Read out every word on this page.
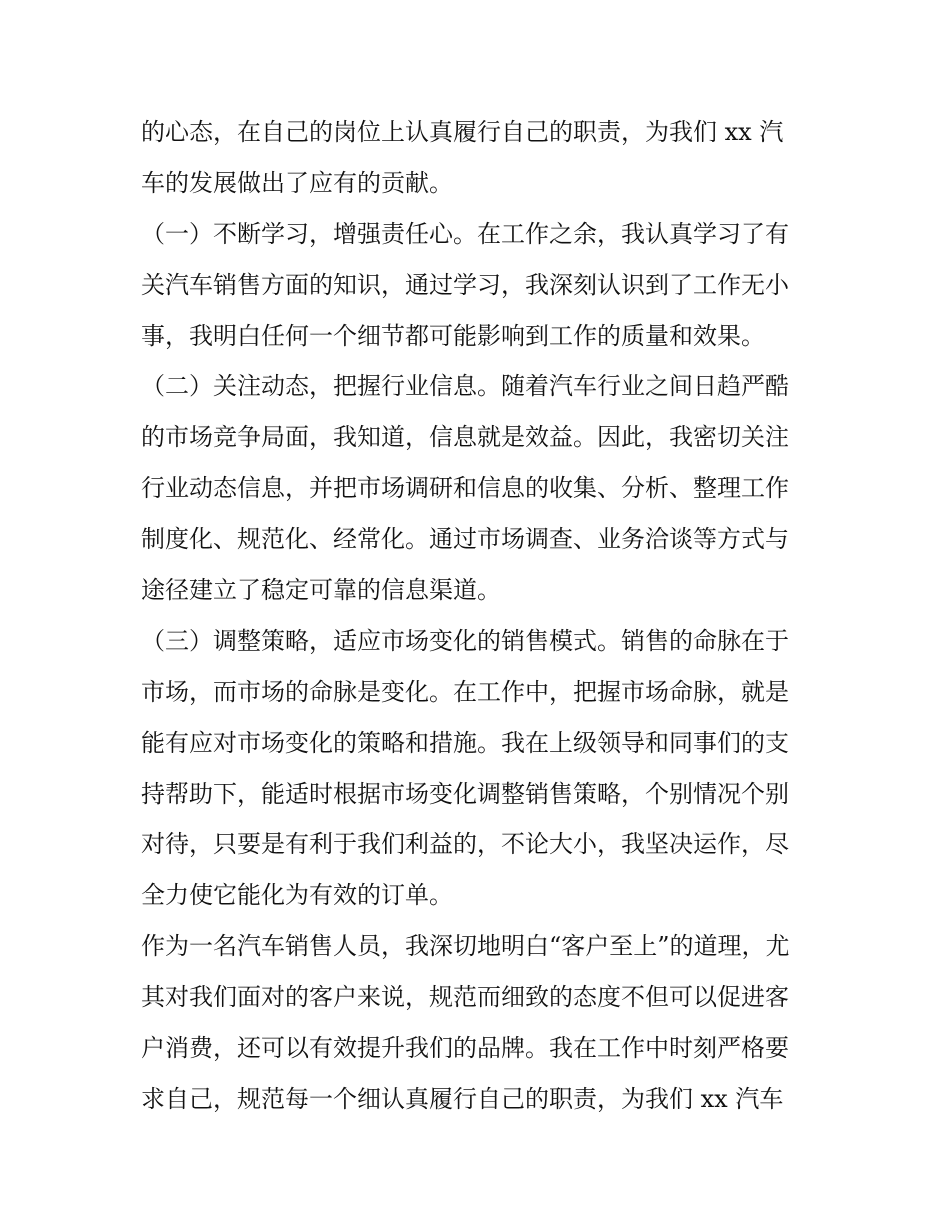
的心态，在自己的岗位上认真履行自己的职责，为我们 xx 汽
车的发展做出了应有的贡献。
（一）不断学习，增强责任心。在工作之余，我认真学习了有
关汽车销售方面的知识，通过学习，我深刻认识到了工作无小
事，我明白任何一个细节都可能影响到工作的质量和效果。
（二）关注动态，把握行业信息。随着汽车行业之间日趋严酷
的市场竞争局面，我知道，信息就是效益。因此，我密切关注
行业动态信息，并把市场调研和信息的收集、分析、整理工作
制度化、规范化、经常化。通过市场调查、业务洽谈等方式与
途径建立了稳定可靠的信息渠道。
（三）调整策略，适应市场变化的销售模式。销售的命脉在于
市场，而市场的命脉是变化。在工作中，把握市场命脉，就是
能有应对市场变化的策略和措施。我在上级领导和同事们的支
持帮助下，能适时根据市场变化调整销售策略，个别情况个别
对待，只要是有利于我们利益的，不论大小，我坚决运作，尽
全力使它能化为有效的订单。
作为一名汽车销售人员，我深切地明白“客户至上”的道理，尤
其对我们面对的客户来说，规范而细致的态度不但可以促进客
户消费，还可以有效提升我们的品牌。我在工作中时刻严格要
求自己，规范每一个细认真履行自己的职责，为我们 xx 汽车
